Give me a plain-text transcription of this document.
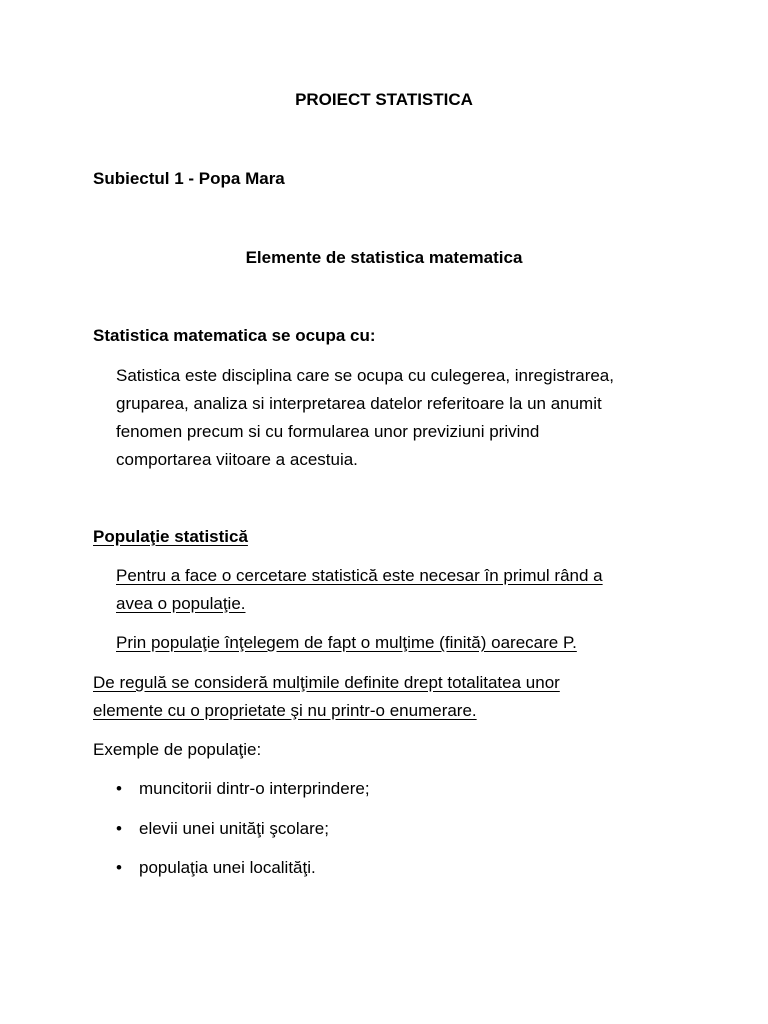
PROIECT STATISTICA
Subiectul 1 - Popa Mara
Elemente de statistica matematica
Statistica matematica se ocupa cu:
Satistica este disciplina care se ocupa cu culegerea, inregistrarea,
gruparea, analiza si interpretarea datelor referitoare la un anumit
fenomen precum si cu formularea unor previziuni privind
comportarea viitoare a acestuia.
Populaţie statistică
Pentru a face o cercetare statistică este necesar în primul rând a
avea o populaţie.
Prin populaţie înţelegem de fapt o mulţime (finită) oarecare P.
De regulă se consideră mulţimile definite drept totalitatea unor
elemente cu o proprietate şi nu printr-o enumerare.
Exemple de populaţie:
• muncitorii dintr-o interprindere;
• elevii unei unităţi şcolare;
• populaţia unei localităţi.
